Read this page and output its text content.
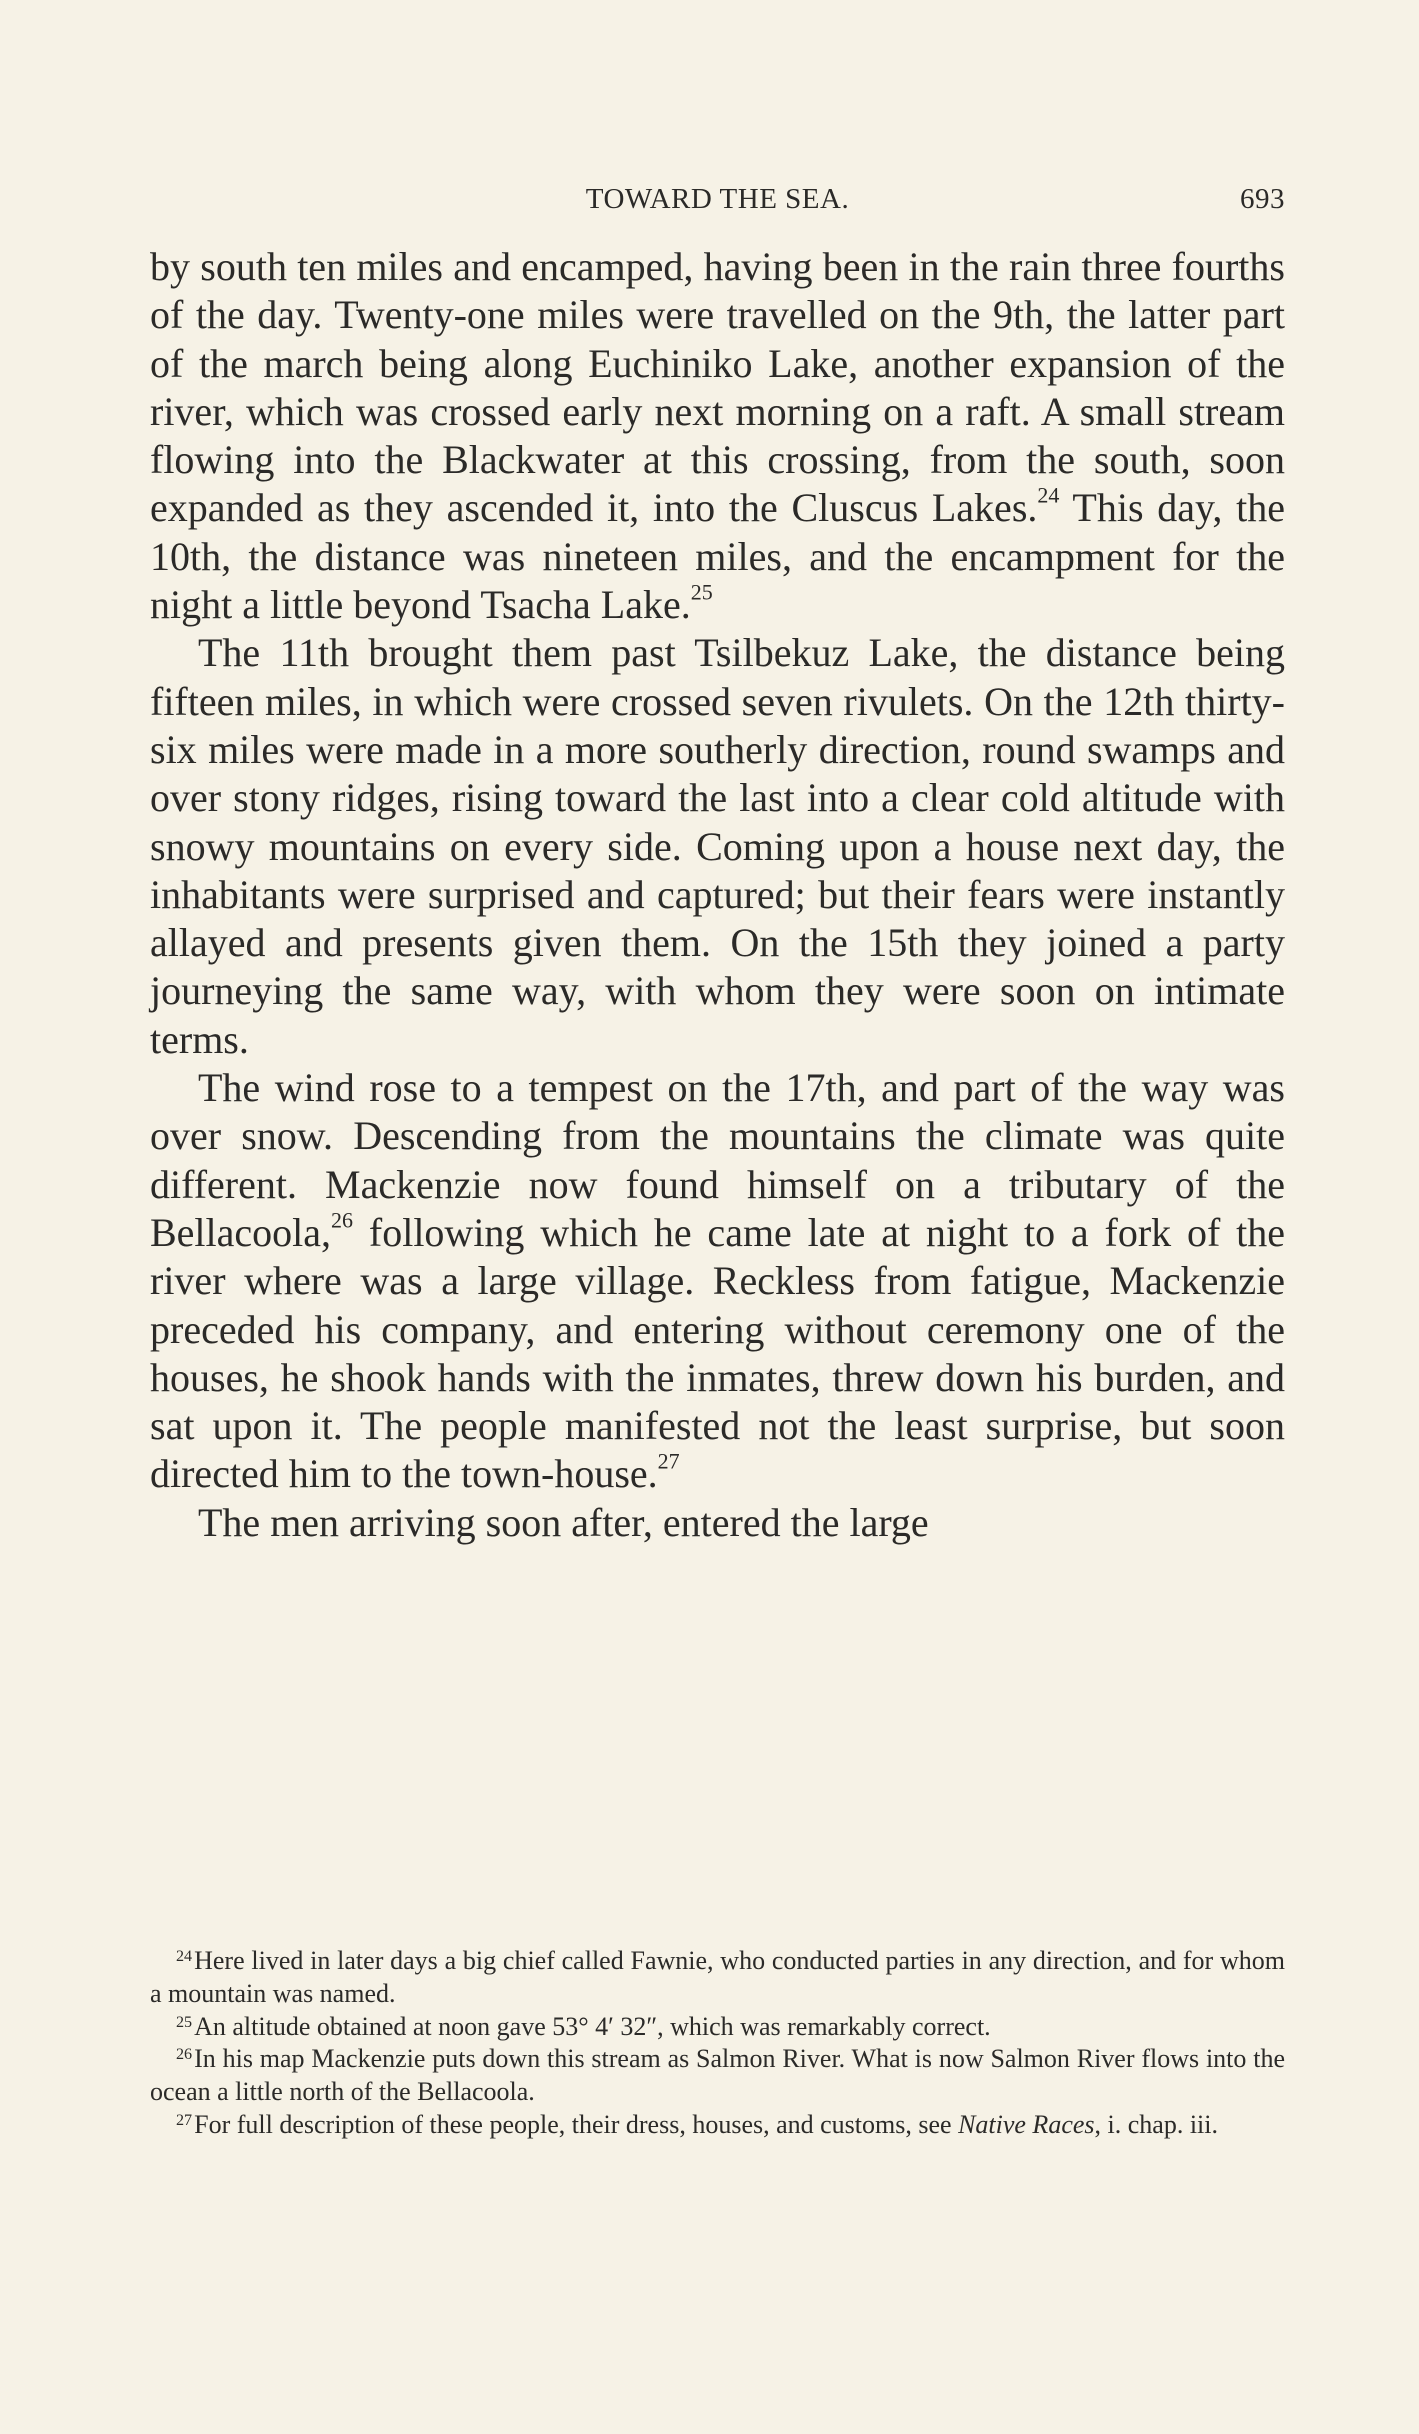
TOWARD THE SEA.	693

by south ten miles and encamped, having been in the rain three fourths of the day. Twenty-one miles were travelled on the 9th, the latter part of the march being along Euchiniko Lake, another expansion of the river, which was crossed early next morning on a raft. A small stream flowing into the Blackwater at this crossing, from the south, soon expanded as they ascended it, into the Cluscus Lakes.$^{24}$ This day, the 10th, the distance was nineteen miles, and the encampment for the night a little beyond Tsacha Lake.$^{25}$

The 11th brought them past Tsilbekuz Lake, the distance being fifteen miles, in which were crossed seven rivulets. On the 12th thirty-six miles were made in a more southerly direction, round swamps and over stony ridges, rising toward the last into a clear cold altitude with snowy mountains on every side. Coming upon a house next day, the inhabitants were surprised and captured; but their fears were instantly allayed and presents given them. On the 15th they joined a party journeying the same way, with whom they were soon on intimate terms.

The wind rose to a tempest on the 17th, and part of the way was over snow. Descending from the mountains the climate was quite different. Mackenzie now found himself on a tributary of the Bellacoola,$^{26}$ following which he came late at night to a fork of the river where was a large village. Reckless from fatigue, Mackenzie preceded his company, and entering without ceremony one of the houses, he shook hands with the inmates, threw down his burden, and sat upon it. The people manifested not the least surprise, but soon directed him to the town-house.$^{27}$

The men arriving soon after, entered the large

$^{24}$Here lived in later days a big chief called Fawnie, who conducted parties in any direction, and for whom a mountain was named.

$^{25}$An altitude obtained at noon gave 53° 4′ 32″, which was remarkably correct.

$^{26}$In his map Mackenzie puts down this stream as Salmon River. What is now Salmon River flows into the ocean a little north of the Bellacoola.

$^{27}$For full description of these people, their dress, houses, and customs, see Native Races, i. chap. iii.
